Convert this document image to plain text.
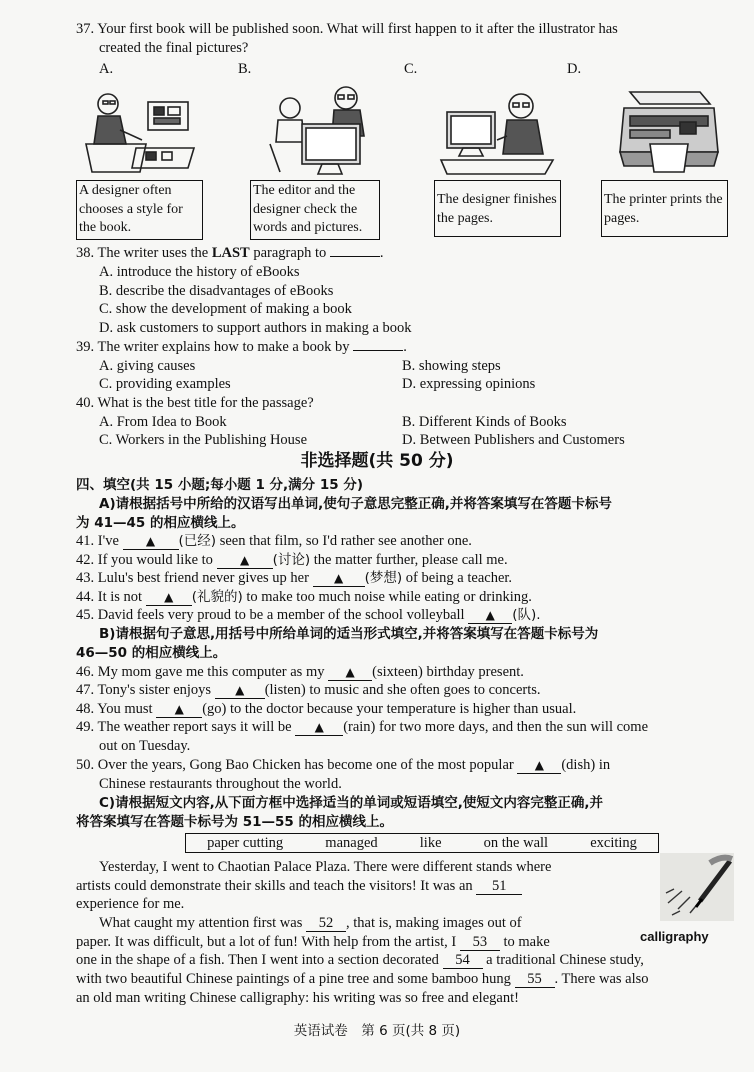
37. Your first book will be published soon. What will first happen to it after the illustrator has
created the final pictures?
A.	B.	C.	D.
A designer often chooses a style for the book.
The editor and the designer check the words and pictures.
The designer finishes the pages.
The printer prints the pages.
38. The writer uses the LAST paragraph to	.
A. introduce the history of eBooks
B. describe the disadvantages of eBooks
C. show the development of making a book
D. ask customers to support authors in making a book
39. The writer explains how to make a book by	.
A. giving causes	B. showing steps
C. providing examples	D. expressing opinions
40. What is the best title for the passage?
A. From Idea to Book	B. Different Kinds of Books
C. Workers in the Publishing House	D. Between Publishers and Customers
非选择题(共 50 分)
四、填空(共 15 小题;每小题 1 分,满分 15 分)
A)请根据括号中所给的汉语写出单词,使句子意思完整正确,并将答案填写在答题卡标号
为 41—45 的相应横线上。
41. I've ▲ (已经) seen that film, so I'd rather see another one.
42. If you would like to ▲ (讨论) the matter further, please call me.
43. Lulu's best friend never gives up her ▲ (梦想) of being a teacher.
44. It is not ▲ (礼貌的) to make too much noise while eating or drinking.
45. David feels very proud to be a member of the school volleyball ▲ (队).
B)请根据句子意思,用括号中所给单词的适当形式填空,并将答案填写在答题卡标号为
46—50 的相应横线上。
46. My mom gave me this computer as my ▲ (sixteen) birthday present.
47. Tony's sister enjoys ▲ (listen) to music and she often goes to concerts.
48. You must ▲ (go) to the doctor because your temperature is higher than usual.
49. The weather report says it will be ▲ (rain) for two more days, and then the sun will come
out on Tuesday.
50. Over the years, Gong Bao Chicken has become one of the most popular ▲ (dish) in
Chinese restaurants throughout the world.
C)请根据短文内容,从下面方框中选择适当的单词或短语填空,使短文内容完整正确,并
将答案填写在答题卡标号为 51—55 的相应横线上。
paper cutting	managed	like	on the wall	exciting
Yesterday, I went to Chaotian Palace Plaza. There were different stands where
artists could demonstrate their skills and teach the visitors! It was an 51
experience for me.
What caught my attention first was 52 , that is, making images out of
paper. It was difficult, but a lot of fun! With help from the artist, I 53 to make
one in the shape of a fish. Then I went into a section decorated 54 a traditional Chinese study,
with two beautiful Chinese paintings of a pine tree and some bamboo hung 55 . There was also
an old man writing Chinese calligraphy: his writing was so free and elegant!
calligraphy
英语试卷　第 6 页(共 8 页)
